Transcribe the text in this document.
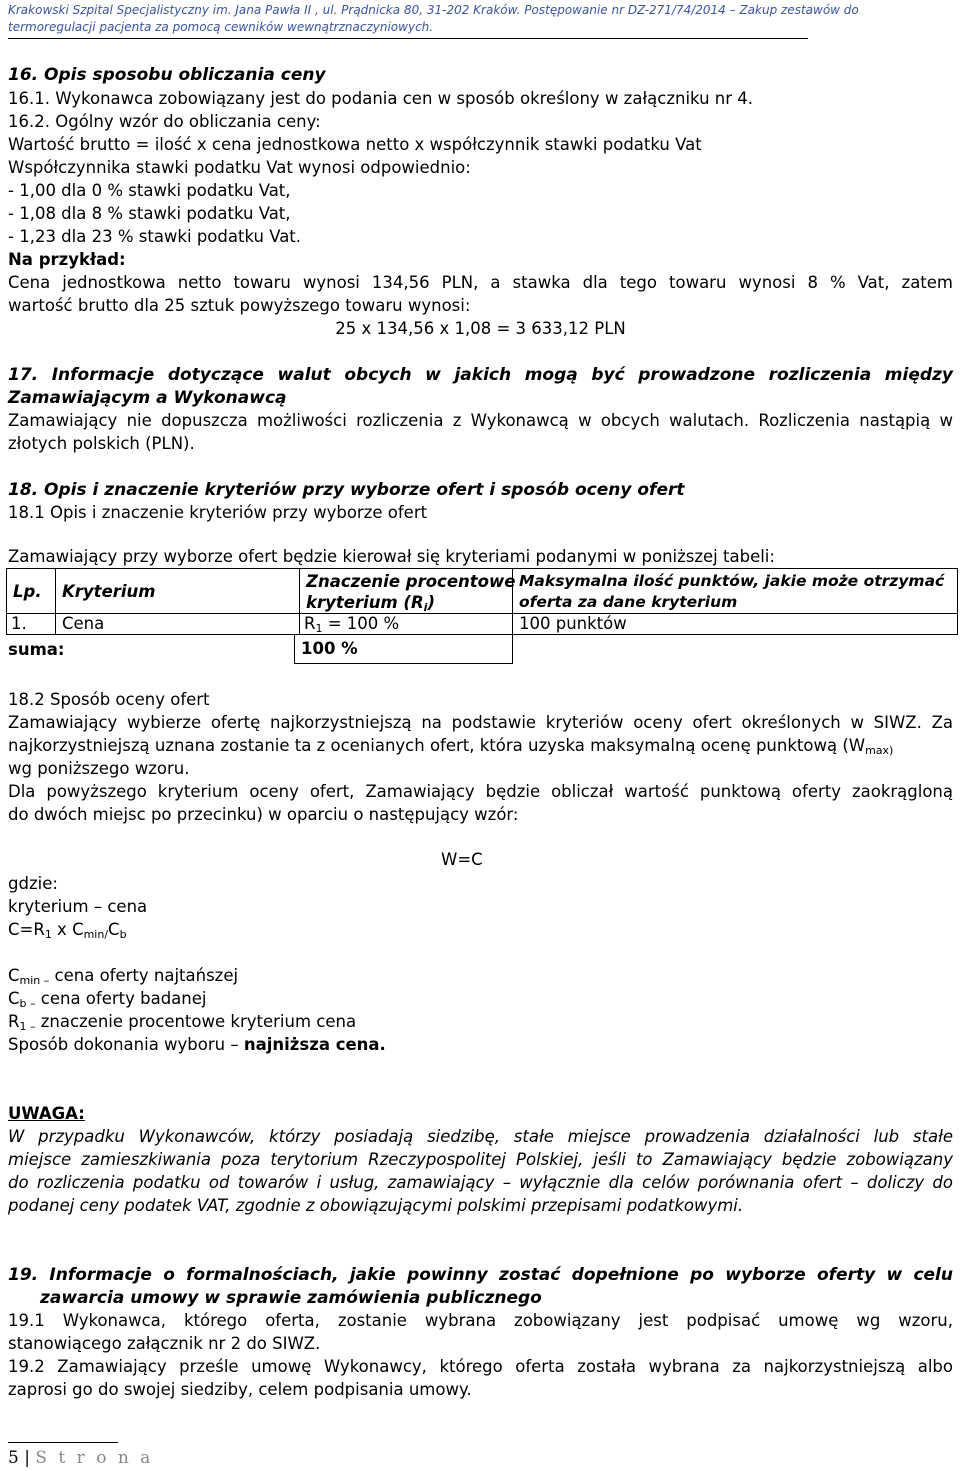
Krakowski Szpital Specjalistyczny im. Jana Pawła II , ul. Prądnicka 80, 31-202 Kraków. Postępowanie nr DZ-271/74/2014 – Zakup zestawów do termoregulacji pacjenta za pomocą cewników wewnątrznaczyniowych.
16. Opis sposobu obliczania ceny
16.1. Wykonawca zobowiązany jest do podania cen w sposób określony w załączniku nr 4.
16.2. Ogólny wzór do obliczania ceny:
Wartość brutto = ilość x cena jednostkowa netto x współczynnik stawki podatku Vat
Współczynnika stawki podatku Vat wynosi odpowiednio:
- 1,00 dla 0 % stawki podatku Vat,
- 1,08 dla 8 % stawki podatku Vat,
- 1,23 dla 23 % stawki podatku Vat.
Na przykład:
Cena jednostkowa netto towaru wynosi 134,56 PLN, a stawka dla tego towaru wynosi 8 % Vat, zatem
wartość brutto dla 25 sztuk powyższego towaru wynosi:
25 x 134,56 x 1,08 = 3 633,12 PLN
17. Informacje dotyczące walut obcych w jakich mogą być prowadzone rozliczenia między
Zamawiającym a Wykonawcą
Zamawiający nie dopuszcza możliwości rozliczenia z Wykonawcą w obcych walutach. Rozliczenia nastąpią w
złotych polskich (PLN).
18. Opis i znaczenie kryteriów przy wyborze ofert i sposób oceny ofert
18.1 Opis i znaczenie kryteriów przy wyborze ofert
Zamawiający przy wyborze ofert będzie kierował się kryteriami podanymi w poniższej tabeli:
Lp. Kryterium
Znaczenie procentowe
kryterium $(R_i)$
Maksymalna ilość punktów, jakie może otrzymać
oferta za dane kryterium
1. Cena	$R_1 = 100$ %	100 punktów
suma:	100 %
18.2 Sposób oceny ofert
Zamawiający wybierze ofertę najkorzystniejszą na podstawie kryteriów oceny ofert określonych w SIWZ. Za
najkorzystniejszą uznana zostanie ta z ocenianych ofert, która uzyska maksymalną ocenę punktową ($W_{max)}$
wg poniższego wzoru.
Dla powyższego kryterium oceny ofert, Zamawiający będzie obliczał wartość punktową oferty zaokrągloną
do dwóch miejsc po przecinku) w oparciu o następujący wzór:
W=C
gdzie:
kryterium – cena
$C=R_1$ x $C_{min/}C_b$
$C_{min -}$ cena oferty najtańszej
$C_{b -}$ cena oferty badanej
$R_{1 -}$ znaczenie procentowe kryterium cena
Sposób dokonania wyboru – najniższa cena.
UWAGA:
W przypadku Wykonawców, którzy posiadają siedzibę, stałe miejsce prowadzenia działalności lub stałe
miejsce zamieszkiwania poza terytorium Rzeczypospolitej Polskiej, jeśli to Zamawiający będzie zobowiązany
do rozliczenia podatku od towarów i usług, zamawiający – wyłącznie dla celów porównania ofert – doliczy do
podanej ceny podatek VAT, zgodnie z obowiązującymi polskimi przepisami podatkowymi.
19. Informacje o formalnościach, jakie powinny zostać dopełnione po wyborze oferty w celu
zawarcia umowy w sprawie zamówienia publicznego
19.1 Wykonawca, którego oferta, zostanie wybrana zobowiązany jest podpisać umowę wg wzoru,
stanowiącego załącznik nr 2 do SIWZ.
19.2 Zamawiający prześle umowę Wykonawcy, którego oferta została wybrana za najkorzystniejszą albo
zaprosi go do swojej siedziby, celem podpisania umowy.
5 | S t r o n a
